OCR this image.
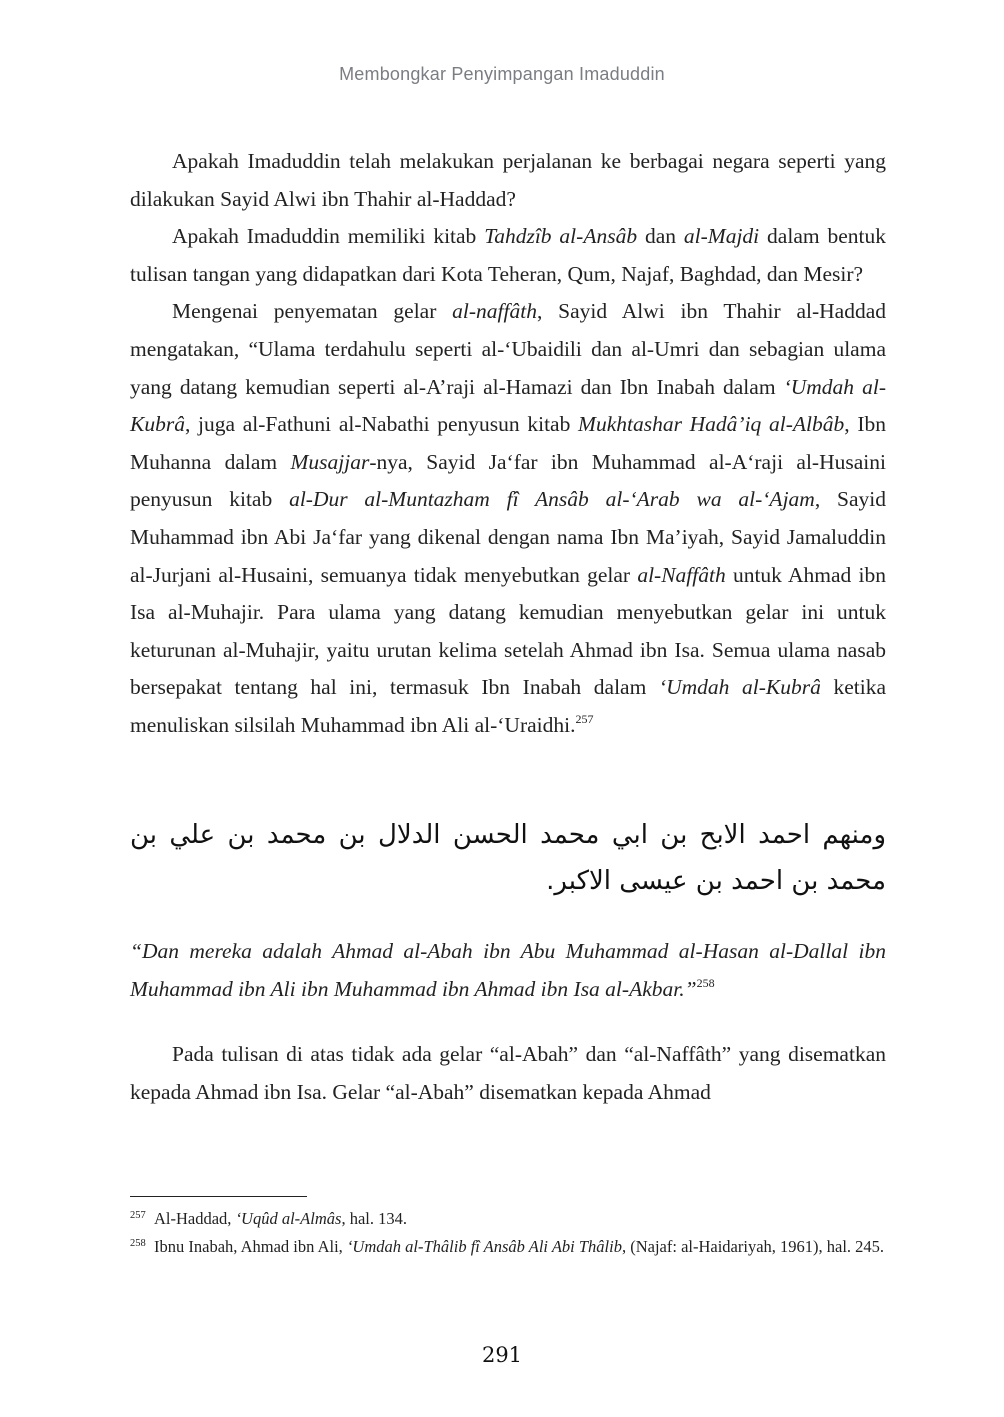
Membongkar Penyimpangan Imaduddin

Apakah Imaduddin telah melakukan perjalanan ke berbagai negara seperti yang dilakukan Sayid Alwi ibn Thahir al-Haddad?

Apakah Imaduddin memiliki kitab Tahdzîb al-Ansâb dan al-Majdi dalam bentuk tulisan tangan yang didapatkan dari Kota Teheran, Qum, Najaf, Baghdad, dan Mesir?

Mengenai penyematan gelar al-naffâth, Sayid Alwi ibn Thahir al-Haddad mengatakan, “Ulama terdahulu seperti al-‘Ubaidili dan al-Umri dan sebagian ulama yang datang kemudian seperti al-A’raji al-Hamazi dan Ibn Inabah dalam ‘Umdah al-Kubrâ, juga al-Fathuni al-Nabathi penyusun kitab Mukhtashar Hadâ’iq al-Albâb, Ibn Muhanna dalam Musajjar-nya, Sayid Ja‘far ibn Muhammad al-A‘raji al-Husaini penyusun kitab al-Dur al-Muntazham fî Ansâb al-‘Arab wa al-‘Ajam, Sayid Muhammad ibn Abi Ja‘far yang dikenal dengan nama Ibn Ma’iyah, Sayid Jamaluddin al-Jurjani al-Husaini, semuanya tidak menyebutkan gelar al-Naffâth untuk Ahmad ibn Isa al-Muhajir. Para ulama yang datang kemudian menyebutkan gelar ini untuk keturunan al-Muhajir, yaitu urutan kelima setelah Ahmad ibn Isa. Semua ulama nasab bersepakat tentang hal ini, termasuk Ibn Inabah dalam ‘Umdah al-Kubrâ ketika menuliskan silsilah Muhammad ibn Ali al-‘Uraidhi.$^{257}$

ومنهم احمد الابح بن ابي محمد الحسن الدلال بن محمد بن علي بن محمد بن احمد بن عيسى الاكبر.
“Dan mereka adalah Ahmad al-Abah ibn Abu Muhammad al-Hasan al-Dallal ibn Muhammad ibn Ali ibn Muhammad ibn Ahmad ibn Isa al-Akbar.”$^{258}$

Pada tulisan di atas tidak ada gelar “al-Abah” dan “al-Naffâth” yang disematkan kepada Ahmad ibn Isa. Gelar “al-Abah” disematkan kepada Ahmad

257 Al-Haddad, ‘Uqûd al-Almâs, hal. 134.
258 Ibnu Inabah, Ahmad ibn Ali, ‘Umdah al-Thâlib fî Ansâb Ali Abi Thâlib, (Najaf: al-Haidariyah, 1961), hal. 245.
291
